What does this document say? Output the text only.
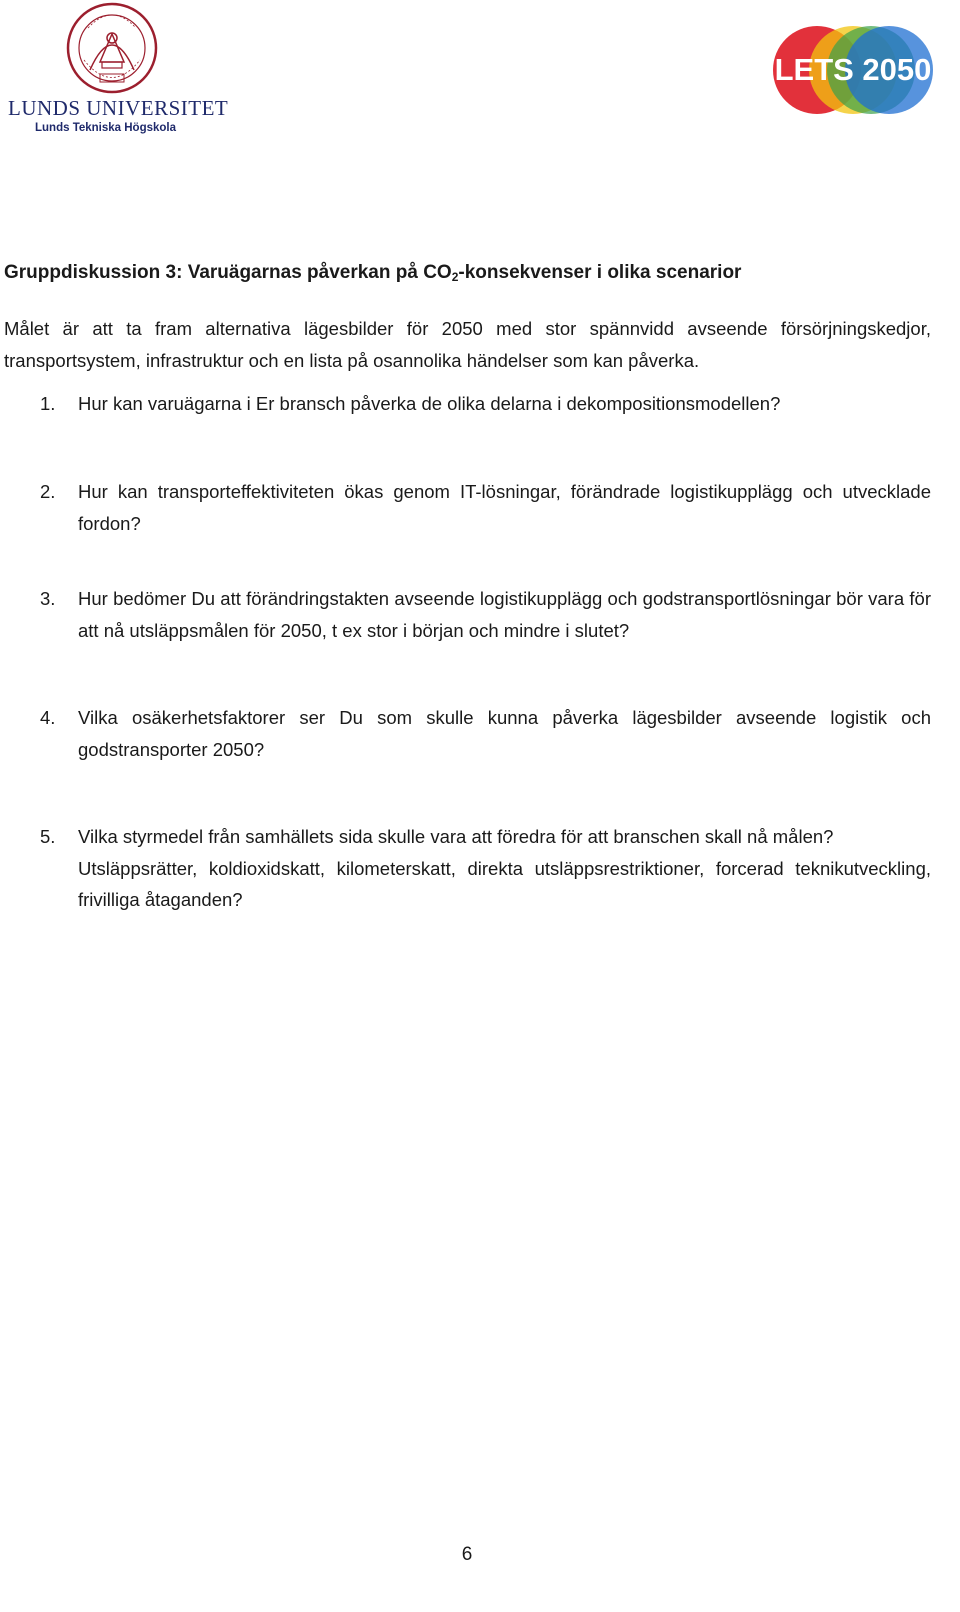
LUNDS UNIVERSITET
Lunds Tekniska Högskola
LETS 2050
Gruppdiskussion 3: Varuägarnas påverkan på $CO_2$-konsekvenser i olika scenarior

Målet är att ta fram alternativa lägesbilder för 2050 med stor spännvidd avseende försörjningskedjor, transportsystem, infrastruktur och en lista på osannolika händelser som kan påverka.

1.	Hur kan varuägarna i Er bransch påverka de olika delarna i dekompositionsmodellen?
2.	Hur kan transporteffektiviteten ökas genom IT-lösningar, förändrade logistikupplägg och utvecklade fordon?
3.	Hur bedömer Du att förändringstakten avseende logistikupplägg och godstransportlösningar bör vara för att nå utsläppsmålen för 2050, t ex stor i början och mindre i slutet?
4.	Vilka osäkerhetsfaktorer ser Du som skulle kunna påverka lägesbilder avseende logistik och godstransporter 2050?
5.	Vilka styrmedel från samhällets sida skulle vara att föredra för att branschen skall nå målen?
Utsläppsrätter, koldioxidskatt, kilometerskatt, direkta utsläppsrestriktioner, forcerad teknikutveckling, frivilliga åtaganden?
6
